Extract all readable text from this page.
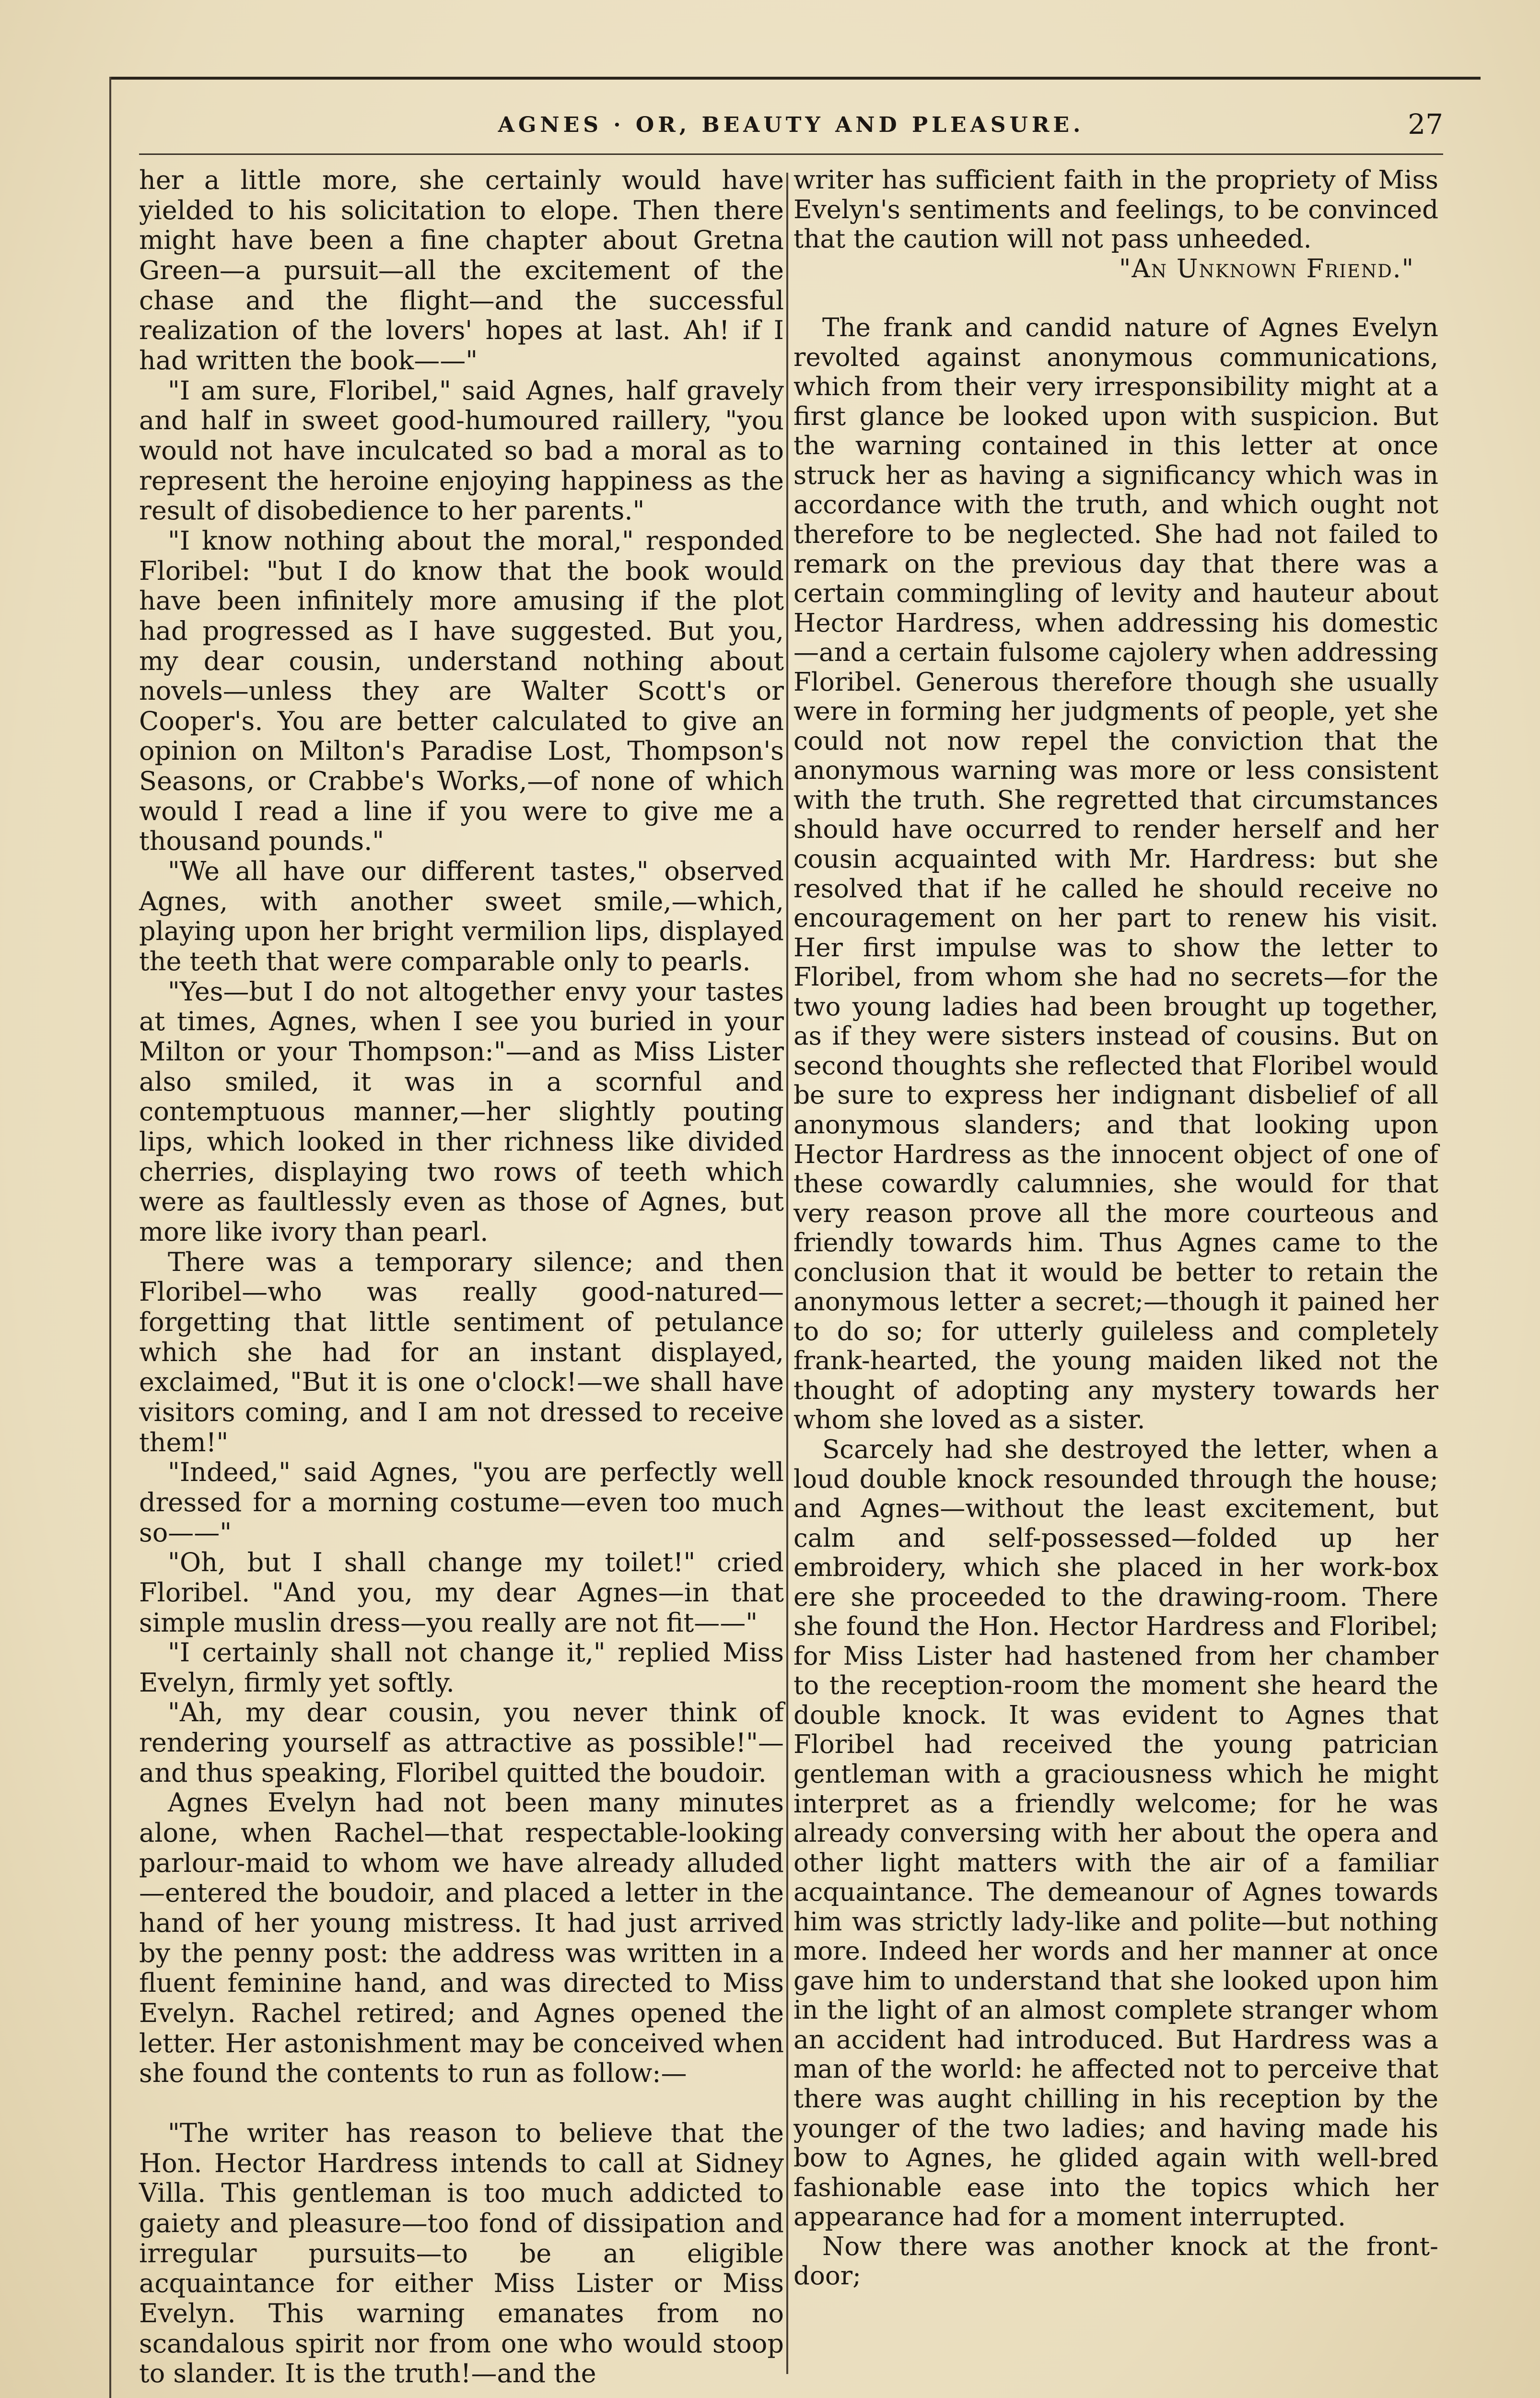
AGNES · OR, BEAUTY AND PLEASURE.	27

her a little more, she certainly would have yielded to his solicitation to elope. Then there might have been a fine chapter about Gretna Green—a pursuit—all the excitement of the chase and the flight—and the successful realization of the lovers' hopes at last. Ah! if I had written the book——"

"I am sure, Floribel," said Agnes, half gravely and half in sweet good-humoured raillery, "you would not have inculcated so bad a moral as to represent the heroine enjoying happiness as the result of disobedience to her parents."

"I know nothing about the moral," responded Floribel: "but I do know that the book would have been infinitely more amusing if the plot had progressed as I have suggested. But you, my dear cousin, understand nothing about novels—unless they are Walter Scott's or Cooper's. You are better calculated to give an opinion on Milton's Paradise Lost, Thompson's Seasons, or Crabbe's Works,—of none of which would I read a line if you were to give me a thousand pounds."

"We all have our different tastes," observed Agnes, with another sweet smile,—which, playing upon her bright vermilion lips, displayed the teeth that were comparable only to pearls.

"Yes—but I do not altogether envy your tastes at times, Agnes, when I see you buried in your Milton or your Thompson:"—and as Miss Lister also smiled, it was in a scornful and contemptuous manner,—her slightly pouting lips, which looked in ther richness like divided cherries, displaying two rows of teeth which were as faultlessly even as those of Agnes, but more like ivory than pearl.

There was a temporary silence; and then Floribel—who was really good-natured—forgetting that little sentiment of petulance which she had for an instant displayed, exclaimed, "But it is one o'clock!—we shall have visitors coming, and I am not dressed to receive them!"

"Indeed," said Agnes, "you are perfectly well dressed for a morning costume—even too much so——"

"Oh, but I shall change my toilet!" cried Floribel. "And you, my dear Agnes—in that simple muslin dress—you really are not fit——"

"I certainly shall not change it," replied Miss Evelyn, firmly yet softly.

"Ah, my dear cousin, you never think of rendering yourself as attractive as possible!"—and thus speaking, Floribel quitted the boudoir.

Agnes Evelyn had not been many minutes alone, when Rachel—that respectable-looking parlour-maid to whom we have already alluded—entered the boudoir, and placed a letter in the hand of her young mistress. It had just arrived by the penny post: the address was written in a fluent feminine hand, and was directed to Miss Evelyn. Rachel retired; and Agnes opened the letter. Her astonishment may be conceived when she found the contents to run as follow:—

"The writer has reason to believe that the Hon. Hector Hardress intends to call at Sidney Villa. This gentleman is too much addicted to gaiety and pleasure—too fond of dissipation and irregular pursuits—to be an eligible acquaintance for either Miss Lister or Miss Evelyn. This warning emanates from no scandalous spirit nor from one who would stoop to slander. It is the truth!—and the

writer has sufficient faith in the propriety of Miss Evelyn's sentiments and feelings, to be convinced that the caution will not pass unheeded.

"An Unknown Friend."

The frank and candid nature of Agnes Evelyn revolted against anonymous communications, which from their very irresponsibility might at a first glance be looked upon with suspicion. But the warning contained in this letter at once struck her as having a significancy which was in accordance with the truth, and which ought not therefore to be neglected. She had not failed to remark on the previous day that there was a certain commingling of levity and hauteur about Hector Hardress, when addressing his domestic—and a certain fulsome cajolery when addressing Floribel. Generous therefore though she usually were in forming her judgments of people, yet she could not now repel the conviction that the anonymous warning was more or less consistent with the truth. She regretted that circumstances should have occurred to render herself and her cousin acquainted with Mr. Hardress: but she resolved that if he called he should receive no encouragement on her part to renew his visit. Her first impulse was to show the letter to Floribel, from whom she had no secrets—for the two young ladies had been brought up together, as if they were sisters instead of cousins. But on second thoughts she reflected that Floribel would be sure to express her indignant disbelief of all anonymous slanders; and that looking upon Hector Hardress as the innocent object of one of these cowardly calumnies, she would for that very reason prove all the more courteous and friendly towards him. Thus Agnes came to the conclusion that it would be better to retain the anonymous letter a secret;—though it pained her to do so; for utterly guileless and completely frank-hearted, the young maiden liked not the thought of adopting any mystery towards her whom she loved as a sister.

Scarcely had she destroyed the letter, when a loud double knock resounded through the house; and Agnes—without the least excitement, but calm and self-possessed—folded up her embroidery, which she placed in her work-box ere she proceeded to the drawing-room. There she found the Hon. Hector Hardress and Floribel; for Miss Lister had hastened from her chamber to the reception-room the moment she heard the double knock. It was evident to Agnes that Floribel had received the young patrician gentleman with a graciousness which he might interpret as a friendly welcome; for he was already conversing with her about the opera and other light matters with the air of a familiar acquaintance. The demeanour of Agnes towards him was strictly lady-like and polite—but nothing more. Indeed her words and her manner at once gave him to understand that she looked upon him in the light of an almost complete stranger whom an accident had introduced. But Hardress was a man of the world: he affected not to perceive that there was aught chilling in his reception by the younger of the two ladies; and having made his bow to Agnes, he glided again with well-bred fashionable ease into the topics which her appearance had for a moment interrupted.

Now there was another knock at the front-door;
